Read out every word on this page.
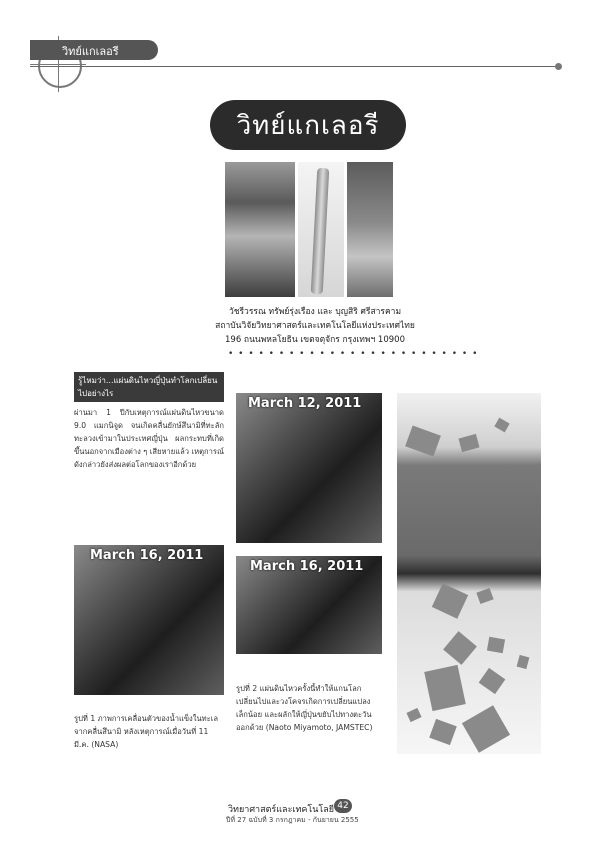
วิทย์แกเลอรี
วิทย์แกเลอรี
วัชรีวรรณ ทรัพย์รุ่งเรือง และ บุญสิริ ศรีสารคาม
สถาบันวิจัยวิทยาศาสตร์และเทคโนโลยีแห่งประเทศไทย
196 ถนนพหลโยธิน เขตจตุจักร กรุงเทพฯ 10900
• • • • • • • • • • • • • • • • • • • • • • • • •
รู้ไหมว่า...แผ่นดินไหวญี่ปุ่นทำโลกเปลี่ยนไปอย่างไร
ผ่านมา 1 ปีกับเหตุการณ์แผ่นดินไหวขนาด 9.0 แมกนิจูด จนเกิดคลื่นยักษ์สึนามิที่ทะลักทะลวงเข้ามาในประเทศญี่ปุ่น ผลกระทบที่เกิดขึ้นนอกจากเมืองต่าง ๆ เสียหายแล้ว เหตุการณ์ดังกล่าวยังส่งผลต่อโลกของเราอีกด้วย
March 12, 2011
March 16, 2011
March 16, 2011
รูปที่ 1 ภาพการเคลื่อนตัวของน้ำแข็งในทะเลจากคลื่นสึนามิ หลังเหตุการณ์เมื่อวันที่ 11 มี.ค. (NASA)
รูปที่ 2 แผ่นดินไหวครั้งนี้ทำให้แกนโลกเปลี่ยนไปและวงโคจรเกิดการเปลี่ยนแปลงเล็กน้อย และผลักให้ญี่ปุ่นขยับไปทางตะวันออกด้วย (Naoto Miyamoto, JAMSTEC)
วิทยาศาสตร์และเทคโนโลยี 42
ปีที่ 27 ฉบับที่ 3 กรกฎาคม - กันยายน 2555
